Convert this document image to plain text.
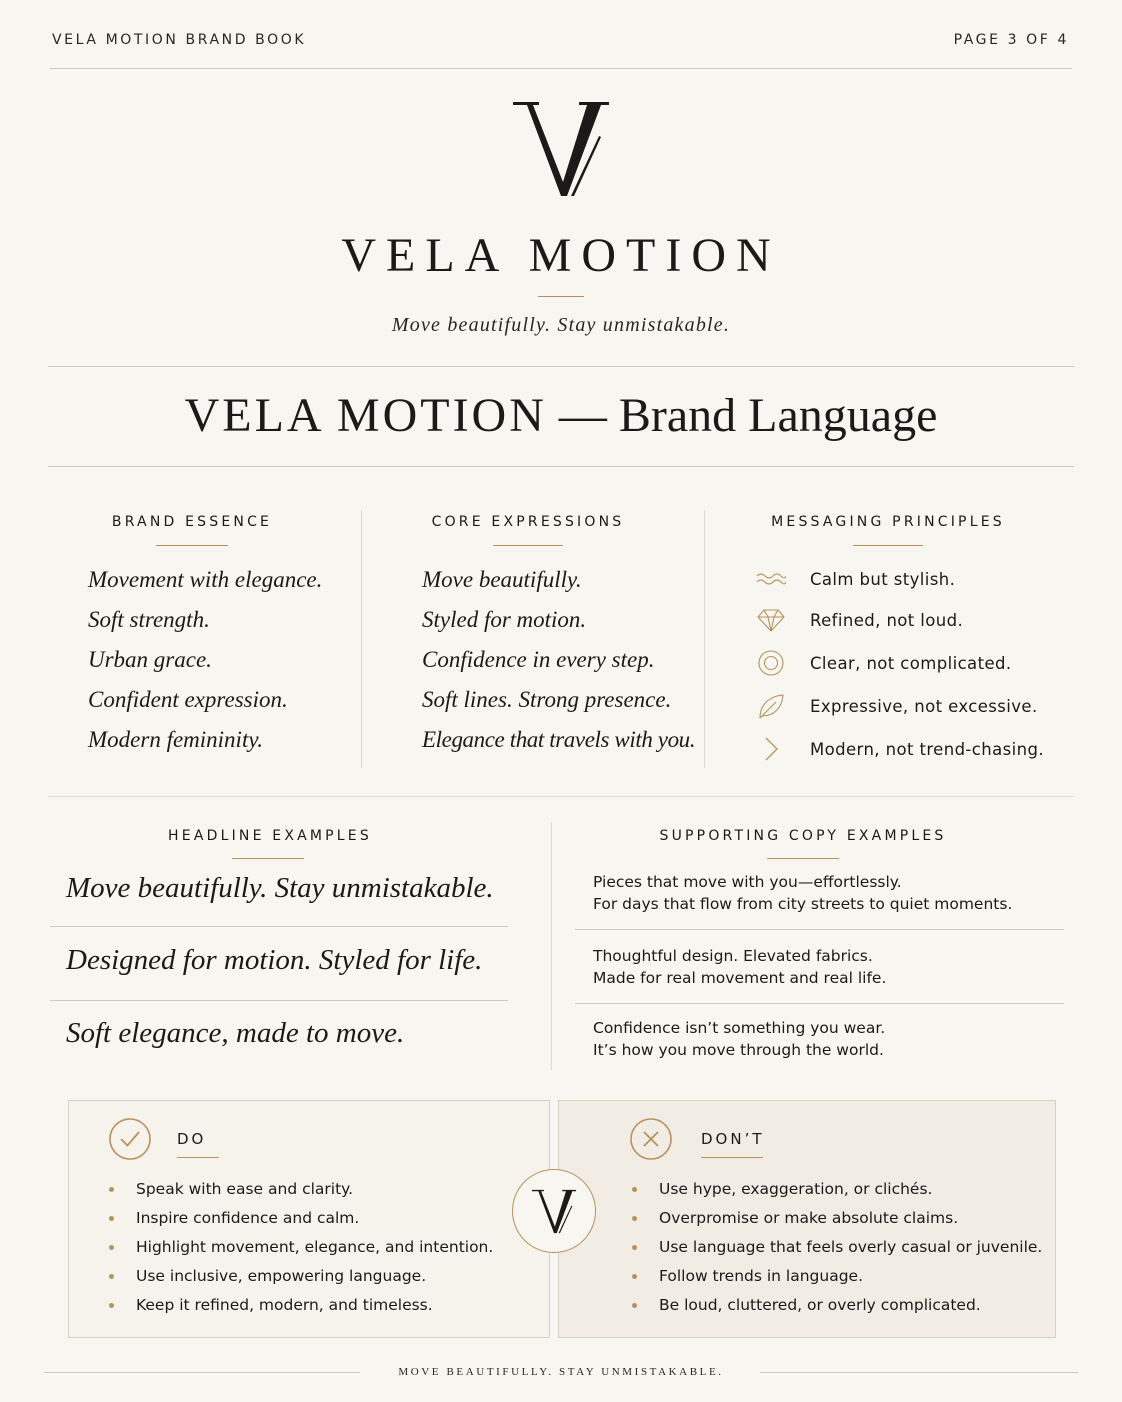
VELA MOTION BRAND BOOK	PAGE 3 OF 4
VELA MOTION
Move beautifully. Stay unmistakable.
VELA MOTION — Brand Language
BRAND ESSENCE
Movement with elegance.
Soft strength.
Urban grace.
Confident expression.
Modern femininity.
CORE EXPRESSIONS
Move beautifully.
Styled for motion.
Confidence in every step.
Soft lines. Strong presence.
Elegance that travels with you.
MESSAGING PRINCIPLES
Calm but stylish.
Refined, not loud.
Clear, not complicated.
Expressive, not excessive.
Modern, not trend-chasing.
HEADLINE EXAMPLES
Move beautifully. Stay unmistakable.
Designed for motion. Styled for life.
Soft elegance, made to move.
SUPPORTING COPY EXAMPLES
Pieces that move with you—effortlessly.
For days that flow from city streets to quiet moments.
Thoughtful design. Elevated fabrics.
Made for real movement and real life.
Confidence isn’t something you wear.
It’s how you move through the world.
DO
Speak with ease and clarity.
Inspire confidence and calm.
Highlight movement, elegance, and intention.
Use inclusive, empowering language.
Keep it refined, modern, and timeless.
DON’T
Use hype, exaggeration, or clichés.
Overpromise or make absolute claims.
Use language that feels overly casual or juvenile.
Follow trends in language.
Be loud, cluttered, or overly complicated.
MOVE BEAUTIFULLY. STAY UNMISTAKABLE.
